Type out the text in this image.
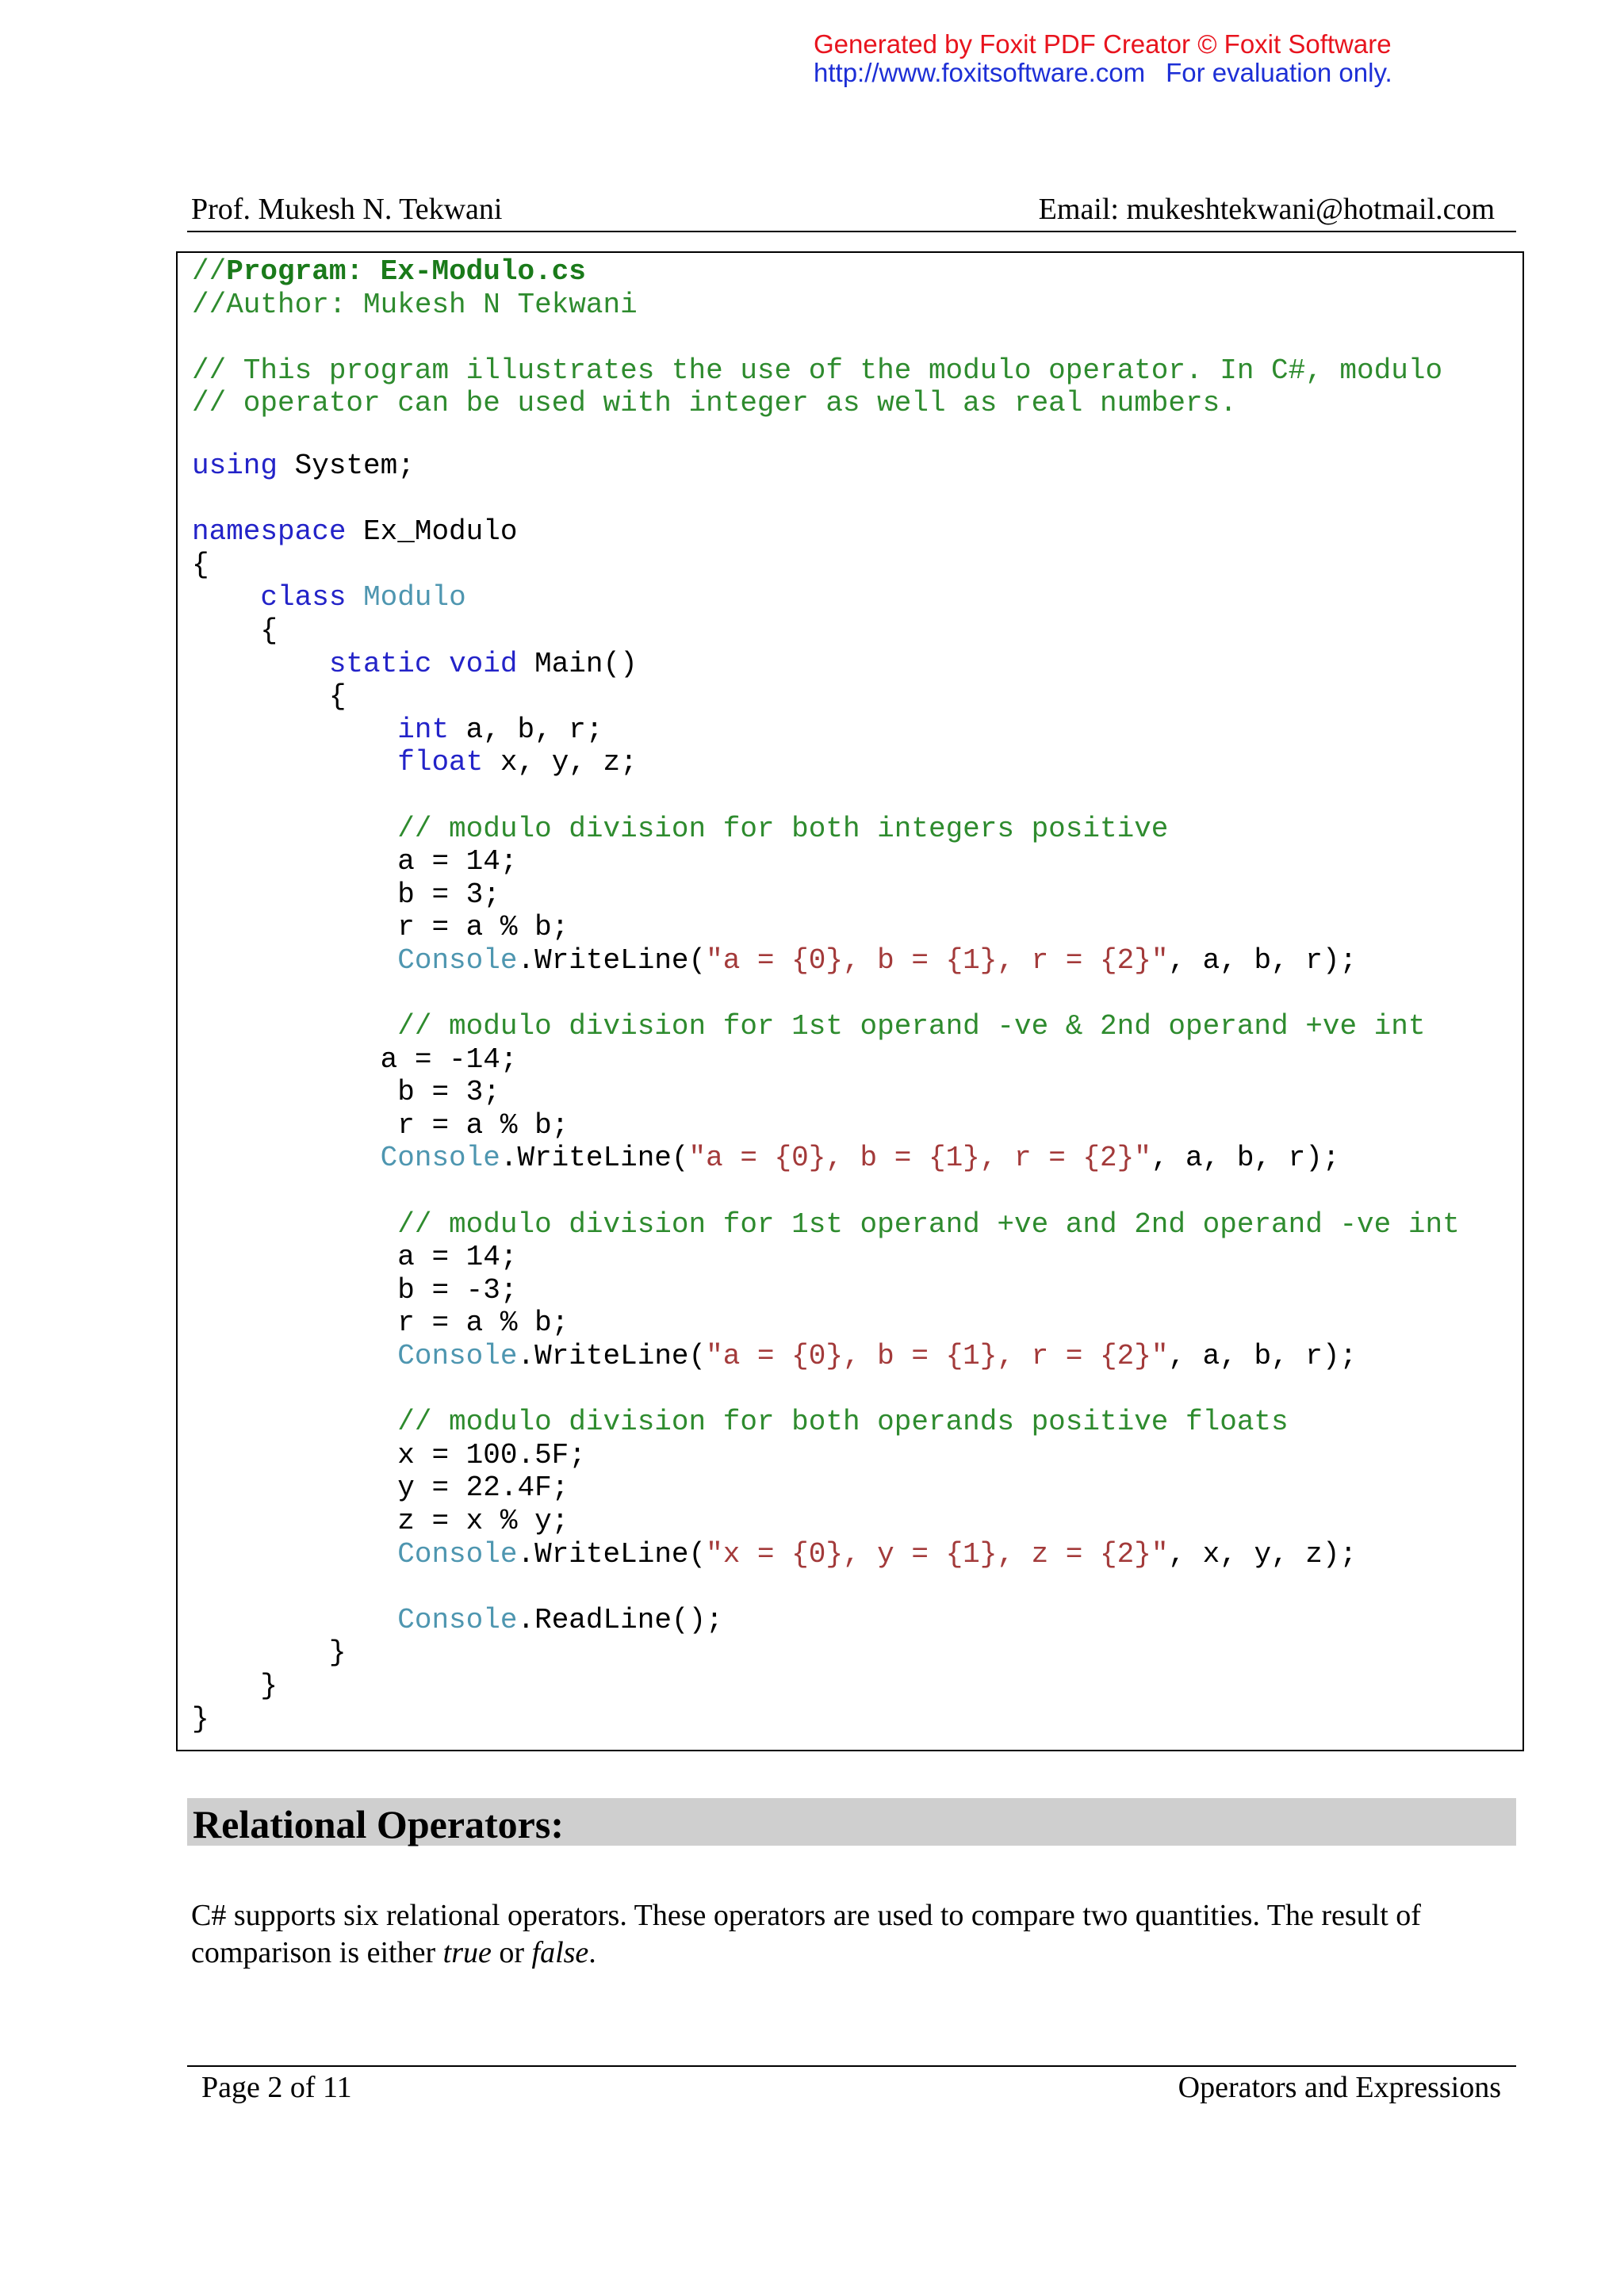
Generated by Foxit PDF Creator © Foxit Software
http://www.foxitsoftware.com For evaluation only.
Prof. Mukesh N. Tekwani	Email: mukeshtekwani@hotmail.com
//Program: Ex-Modulo.cs
//Author: Mukesh N Tekwani

// This program illustrates the use of the modulo operator. In C#, modulo
// operator can be used with integer as well as real numbers.

using System;

namespace Ex_Modulo
{
class Modulo
{
static void Main()
{
int a, b, r;
float x, y, z;

// modulo division for both integers positive
a = 14;
b = 3;
r = a % b;
Console.WriteLine("a = {0}, b = {1}, r = {2}", a, b, r);

// modulo division for 1st operand -ve & 2nd operand +ve int
a = -14;
b = 3;
r = a % b;
Console.WriteLine("a = {0}, b = {1}, r = {2}", a, b, r);

// modulo division for 1st operand +ve and 2nd operand -ve int
a = 14;
b = -3;
r = a % b;
Console.WriteLine("a = {0}, b = {1}, r = {2}", a, b, r);

// modulo division for both operands positive floats
x = 100.5F;
y = 22.4F;
z = x % y;
Console.WriteLine("x = {0}, y = {1}, z = {2}", x, y, z);

Console.ReadLine();
}
}
}
Relational Operators:
C# supports six relational operators. These operators are used to compare two quantities. The result of comparison is either true or false.
Page 2 of 11	Operators and Expressions
